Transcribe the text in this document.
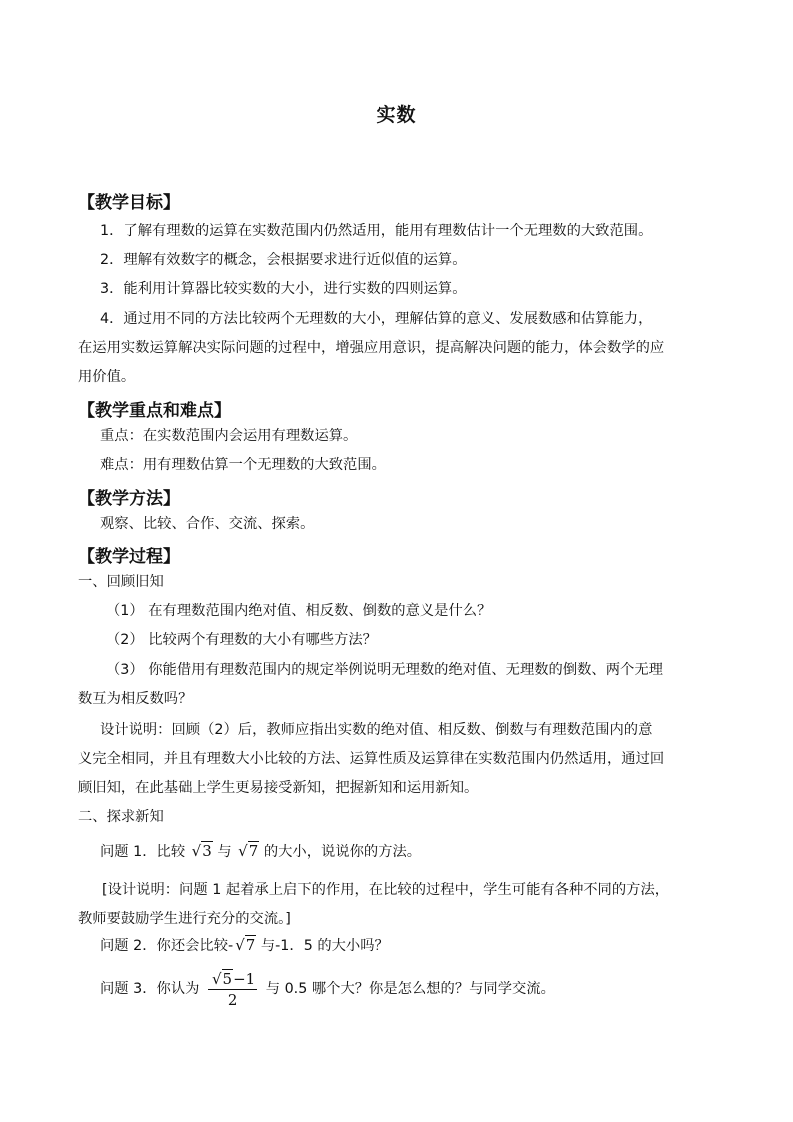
实数
【教学目标】
1．了解有理数的运算在实数范围内仍然适用，能用有理数估计一个无理数的大致范围。
2．理解有效数字的概念，会根据要求进行近似值的运算。
3．能利用计算器比较实数的大小，进行实数的四则运算。
4．通过用不同的方法比较两个无理数的大小，理解估算的意义、发展数感和估算能力，
在运用实数运算解决实际问题的过程中，增强应用意识，提高解决问题的能力，体会数学的应
用价值。
【教学重点和难点】
重点：在实数范围内会运用有理数运算。
难点：用有理数估算一个无理数的大致范围。
【教学方法】
观察、比较、合作、交流、探索。
【教学过程】
一、回顾旧知
（1） 在有理数范围内绝对值、相反数、倒数的意义是什么？
（2） 比较两个有理数的大小有哪些方法？
（3） 你能借用有理数范围内的规定举例说明无理数的绝对值、无理数的倒数、两个无理
数互为相反数吗？
设计说明：回顾（2）后，教师应指出实数的绝对值、相反数、倒数与有理数范围内的意
义完全相同，并且有理数大小比较的方法、运算性质及运算律在实数范围内仍然适用，通过回
顾旧知，在此基础上学生更易接受新知，把握新知和运用新知。
二、探求新知
问题 1．比较 √3 与 √7 的大小，说说你的方法。
[设计说明：问题 1 起着承上启下的作用，在比较的过程中，学生可能有各种不同的方法，
教师要鼓励学生进行充分的交流。]
问题 2．你还会比较- √7 与-1．5 的大小吗？
问题 3．你认为 $\frac{√5-1}{2}$ 与 0.5 哪个大？你是怎么想的？与同学交流。
